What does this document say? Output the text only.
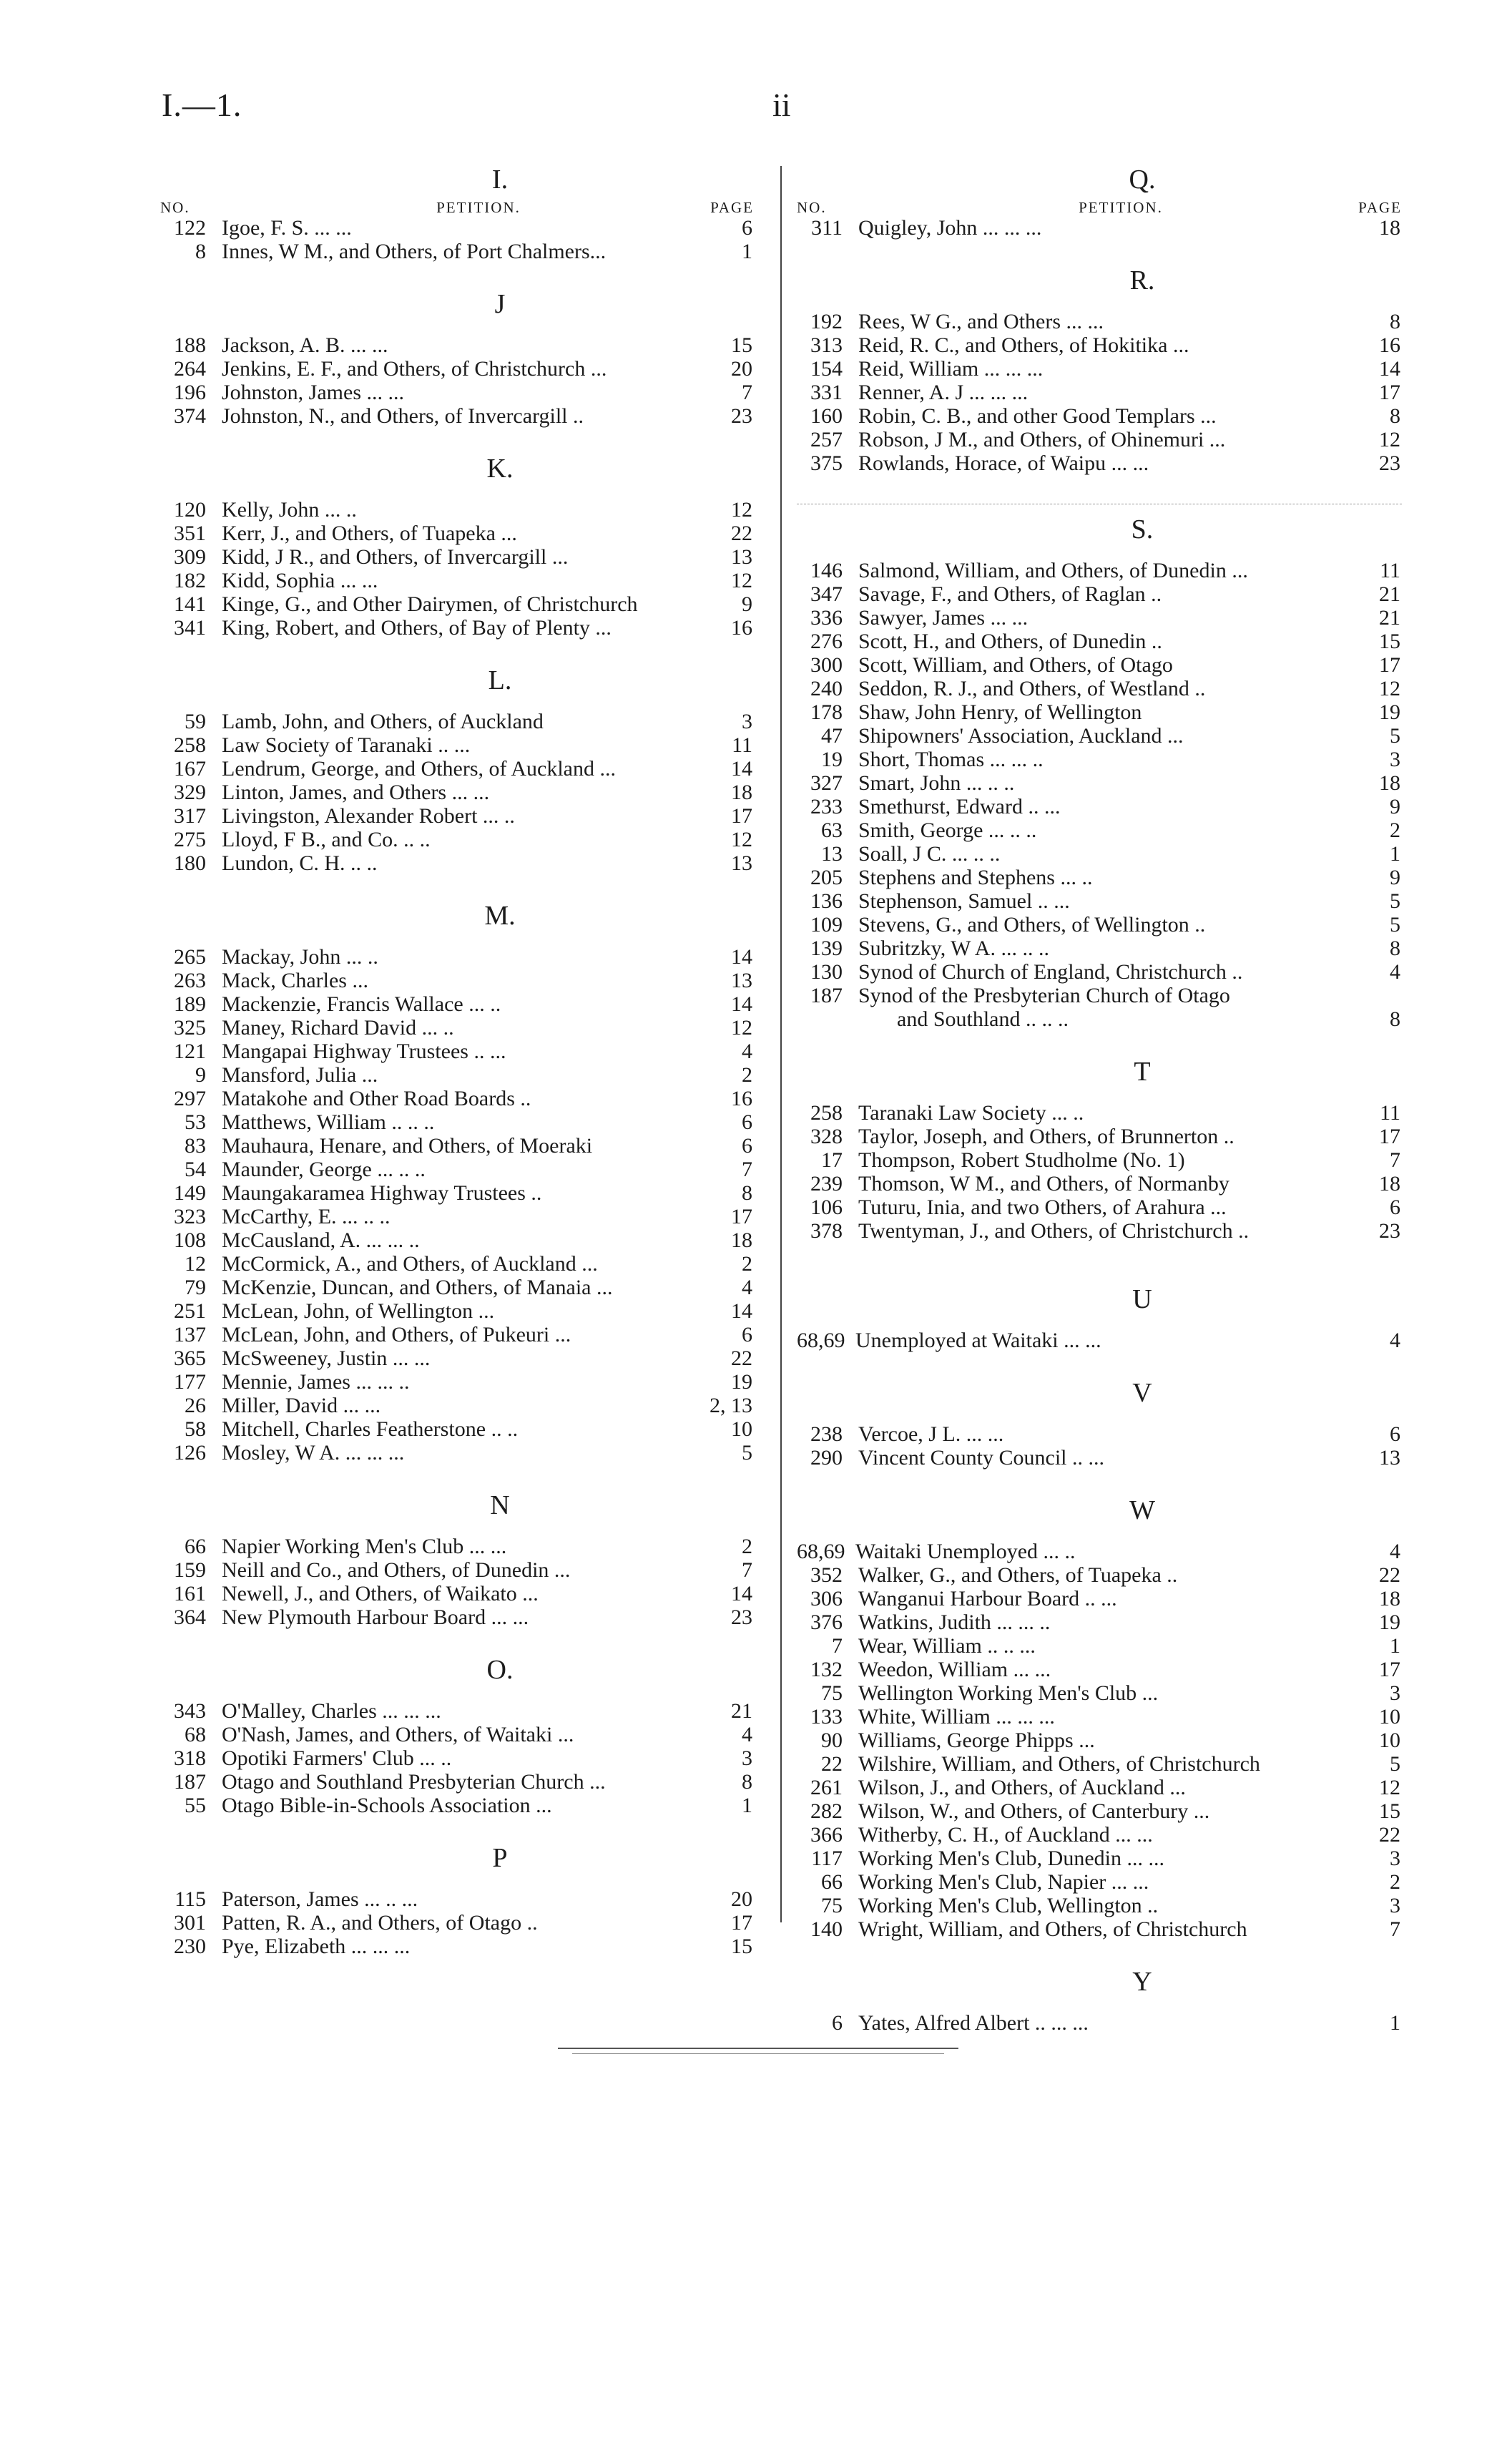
I.—1.	ii
I.
NO.	PETITION.	PAGE
122 Igoe, F. S. ... ...	6
8 Innes, W M., and Others, of Port Chalmers...	1
J
188 Jackson, A. B. ... ...	15
264 Jenkins, E. F., and Others, of Christchurch ...	20
196 Johnston, James ... ...	7
374 Johnston, N., and Others, of Invercargill ..	23
K.
120 Kelly, John ... ..	12
351 Kerr, J., and Others, of Tuapeka ...	22
309 Kidd, J R., and Others, of Invercargill ...	13
182 Kidd, Sophia ... ...	12
141 Kinge, G., and Other Dairymen, of Christchurch	9
341 King, Robert, and Others, of Bay of Plenty ...	16
L.
59 Lamb, John, and Others, of Auckland	3
258 Law Society of Taranaki .. ...	11
167 Lendrum, George, and Others, of Auckland ...	14
329 Linton, James, and Others ... ...	18
317 Livingston, Alexander Robert ... ..	17
275 Lloyd, F B., and Co. .. ..	12
180 Lundon, C. H. .. ..	13
M.
265 Mackay, John ... ..	14
263 Mack, Charles ...	13
189 Mackenzie, Francis Wallace ... ..	14
325 Maney, Richard David ... ..	12
121 Mangapai Highway Trustees .. ...	4
9 Mansford, Julia ...	2
297 Matakohe and Other Road Boards ..	16
53 Matthews, William .. .. ..	6
83 Mauhaura, Henare, and Others, of Moeraki	6
54 Maunder, George ... .. ..	7
149 Maungakaramea Highway Trustees ..	8
323 McCarthy, E. ... .. ..	17
108 McCausland, A. ... ... ..	18
12 McCormick, A., and Others, of Auckland ...	2
79 McKenzie, Duncan, and Others, of Manaia ...	4
251 McLean, John, of Wellington ...	14
137 McLean, John, and Others, of Pukeuri ...	6
365 McSweeney, Justin ... ...	22
177 Mennie, James ... ... ..	19
26 Miller, David ... ...	2, 13
58 Mitchell, Charles Featherstone .. ..	10
126 Mosley, W A. ... ... ...	5
N
66 Napier Working Men's Club ... ...	2
159 Neill and Co., and Others, of Dunedin ...	7
161 Newell, J., and Others, of Waikato ...	14
364 New Plymouth Harbour Board ... ...	23
O.
343 O'Malley, Charles ... ... ...	21
68 O'Nash, James, and Others, of Waitaki ...	4
318 Opotiki Farmers' Club ... ..	3
187 Otago and Southland Presbyterian Church ...	8
55 Otago Bible-in-Schools Association ...	1
P
115 Paterson, James ... .. ...	20
301 Patten, R. A., and Others, of Otago ..	17
230 Pye, Elizabeth ... ... ...	15
Q.
NO.	PETITION.	PAGE
311 Quigley, John ... ... ...	18
R.
192 Rees, W G., and Others ... ...	8
313 Reid, R. C., and Others, of Hokitika ...	16
154 Reid, William ... ... ...	14
331 Renner, A. J ... ... ...	17
160 Robin, C. B., and other Good Templars ...	8
257 Robson, J M., and Others, of Ohinemuri ...	12
375 Rowlands, Horace, of Waipu ... ...	23
S.
146 Salmond, William, and Others, of Dunedin ...	11
347 Savage, F., and Others, of Raglan ..	21
336 Sawyer, James ... ...	21
276 Scott, H., and Others, of Dunedin ..	15
300 Scott, William, and Others, of Otago	17
240 Seddon, R. J., and Others, of Westland ..	12
178 Shaw, John Henry, of Wellington	19
47 Shipowners' Association, Auckland ...	5
19 Short, Thomas ... ... ..	3
327 Smart, John ... .. ..	18
233 Smethurst, Edward .. ...	9
63 Smith, George ... .. ..	2
13 Soall, J C. ... .. ..	1
205 Stephens and Stephens ... ..	9
136 Stephenson, Samuel .. ...	5
109 Stevens, G., and Others, of Wellington ..	5
139 Subritzky, W A. ... .. ..	8
130 Synod of Church of England, Christchurch ..	4
187 Synod of the Presbyterian Church of Otago
and Southland .. .. ..	8
T
258 Taranaki Law Society ... ..	11
328 Taylor, Joseph, and Others, of Brunnerton ..	17
17 Thompson, Robert Studholme (No. 1)	7
239 Thomson, W M., and Others, of Normanby	18
106 Tuturu, Inia, and two Others, of Arahura ...	6
378 Twentyman, J., and Others, of Christchurch ..	23
U
68,69 Unemployed at Waitaki ... ...	4
V
238 Vercoe, J L. ... ...	6
290 Vincent County Council .. ...	13
W
68,69 Waitaki Unemployed ... ..	4
352 Walker, G., and Others, of Tuapeka ..	22
306 Wanganui Harbour Board .. ...	18
376 Watkins, Judith ... ... ..	19
7 Wear, William .. .. ...	1
132 Weedon, William ... ...	17
75 Wellington Working Men's Club ...	3
133 White, William ... ... ...	10
90 Williams, George Phipps ...	10
22 Wilshire, William, and Others, of Christchurch	5
261 Wilson, J., and Others, of Auckland ...	12
282 Wilson, W., and Others, of Canterbury ...	15
366 Witherby, C. H., of Auckland ... ...	22
117 Working Men's Club, Dunedin ... ...	3
66 Working Men's Club, Napier ... ...	2
75 Working Men's Club, Wellington ..	3
140 Wright, William, and Others, of Christchurch	7
Y
6 Yates, Alfred Albert .. ... ...	1
